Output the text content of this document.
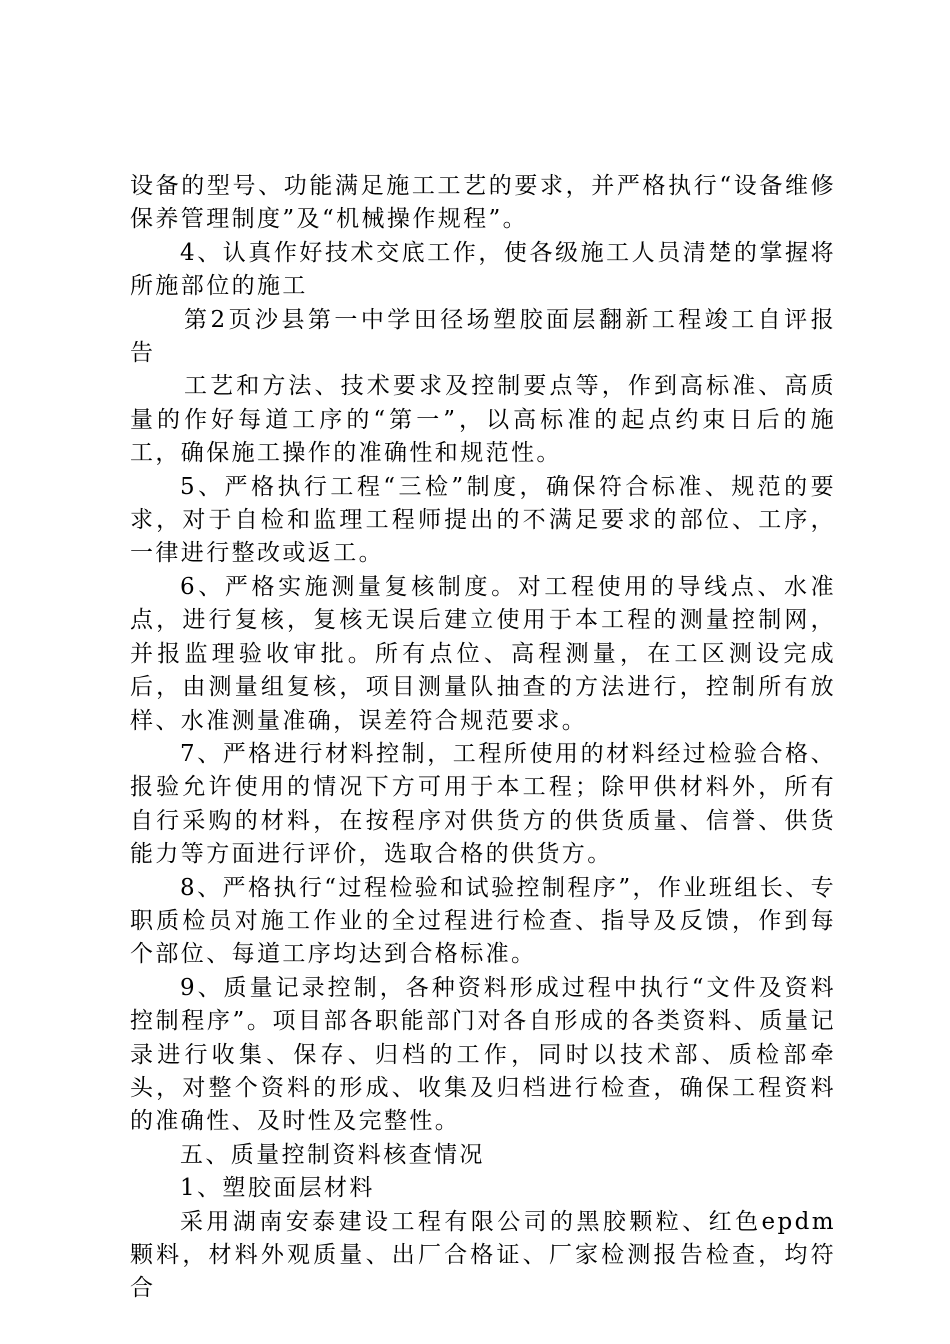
设备的型号、功能满足施工工艺的要求，并严格执行“设备维修保养管理制度”及“机械操作规程”。

4、认真作好技术交底工作，使各级施工人员清楚的掌握将所施部位的施工

第2页沙县第一中学田径场塑胶面层翻新工程竣工自评报告

工艺和方法、技术要求及控制要点等，作到高标准、高质量的作好每道工序的“第一”，以高标准的起点约束日后的施工，确保施工操作的准确性和规范性。

5、严格执行工程“三检”制度，确保符合标准、规范的要求，对于自检和监理工程师提出的不满足要求的部位、工序，一律进行整改或返工。

6、严格实施测量复核制度。对工程使用的导线点、水准点，进行复核，复核无误后建立使用于本工程的测量控制网，并报监理验收审批。所有点位、高程测量，在工区测设完成后，由测量组复核，项目测量队抽查的方法进行，控制所有放样、水准测量准确，误差符合规范要求。

7、严格进行材料控制，工程所使用的材料经过检验合格、报验允许使用的情况下方可用于本工程；除甲供材料外，所有自行采购的材料，在按程序对供货方的供货质量、信誉、供货能力等方面进行评价，选取合格的供货方。

8、严格执行“过程检验和试验控制程序”，作业班组长、专职质检员对施工作业的全过程进行检查、指导及反馈，作到每个部位、每道工序均达到合格标准。

9、质量记录控制，各种资料形成过程中执行“文件及资料控制程序”。项目部各职能部门对各自形成的各类资料、质量记录进行收集、保存、归档的工作，同时以技术部、质检部牵头，对整个资料的形成、收集及归档进行检查，确保工程资料的准确性、及时性及完整性。

五、质量控制资料核查情况

1、塑胶面层材料

采用湖南安泰建设工程有限公司的黑胶颗粒、红色epdm颗料，材料外观质量、出厂合格证、厂家检测报告检查，均符合
